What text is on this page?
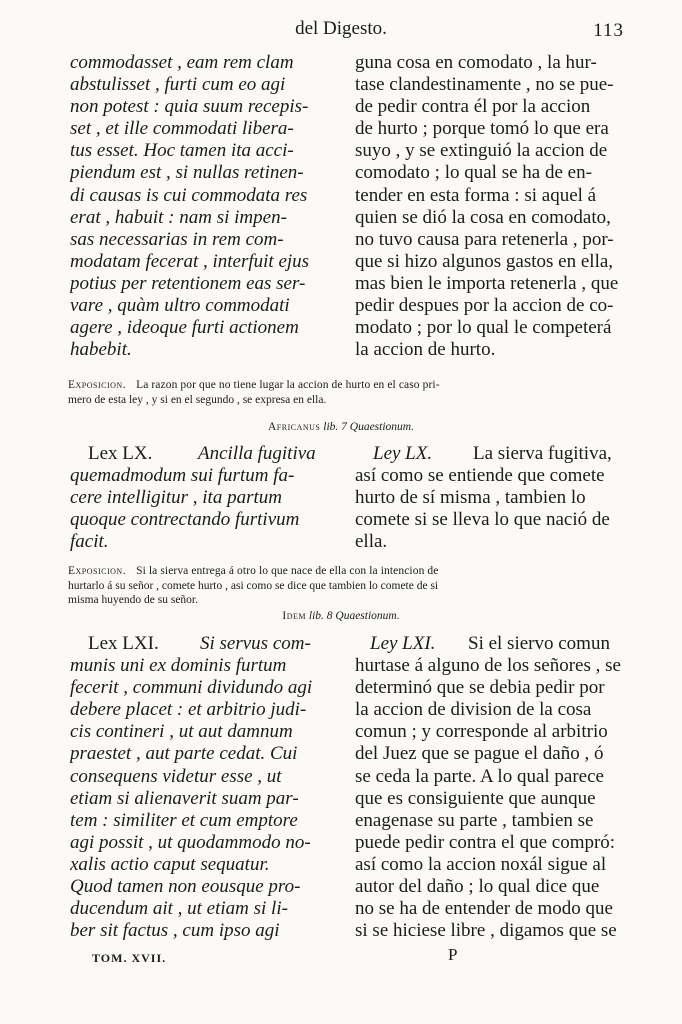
del Digesto.	113
commodasset , eam rem clam
abstulisset , furti cum eo agi
non potest : quia suum recepis-
set , et ille commodati libera-
tus esset. Hoc tamen ita acci-
piendum est , si nullas retinen-
di causas is cui commodata res
erat , habuit : nam si impen-
sas necessarias in rem com-
modatam fecerat , interfuit ejus
potius per retentionem eas ser-
vare , quàm ultro commodati
agere , ideoque furti actionem
habebit.
guna cosa en comodato , la hur-
tase clandestinamente , no se pue-
de pedir contra él por la accion
de hurto ; porque tomó lo que era
suyo , y se extinguió la accion de
comodato ; lo qual se ha de en-
tender en esta forma : si aquel á
quien se dió la cosa en comodato,
no tuvo causa para retenerla , por-
que si hizo algunos gastos en ella,
mas bien le importa retenerla , que
pedir despues por la accion de co-
modato ; por lo qual le competerá
la accion de hurto.
Exposicion. La razon por que no tiene lugar la accion de hurto en el caso pri-
mero de esta ley , y si en el segundo , se expresa en ella.
Africanus lib. 7 Quaestionum.
Lex LX.	Ancilla fugitiva
quemadmodum sui furtum fa-
cere intelligitur , ita partum
quoque contrectando furtivum
facit.
Ley LX.	La sierva fugitiva,
así como se entiende que comete
hurto de sí misma , tambien lo
comete si se lleva lo que nació de
ella.
Exposicion. Si la sierva entrega á otro lo que nace de ella con la intencion de
hurtarlo á su señor , comete hurto , asi como se dice que tambien lo comete de si
misma huyendo de su señor.
Idem lib. 8 Quaestionum.
Lex LXI.	Si servus com-
munis uni ex dominis furtum
fecerit , communi dividundo agi
debere placet : et arbitrio judi-
cis contineri , ut aut damnum
praestet , aut parte cedat. Cui
consequens videtur esse , ut
etiam si alienaverit suam par-
tem : similiter et cum emptore
agi possit , ut quodammodo no-
xalis actio caput sequatur.
Quod tamen non eousque pro-
ducendum ait , ut etiam si li-
ber sit factus , cum ipso agi
Ley LXI.	Si el siervo comun
hurtase á alguno de los señores , se
determinó que se debia pedir por
la accion de division de la cosa
comun ; y corresponde al arbitrio
del Juez que se pague el daño , ó
se ceda la parte. A lo qual parece
que es consiguiente que aunque
enagenase su parte , tambien se
puede pedir contra el que compró:
así como la accion noxál sigue al
autor del daño ; lo qual dice que
no se ha de entender de modo que
si se hiciese libre , digamos que se
TOM. XVII.	P
